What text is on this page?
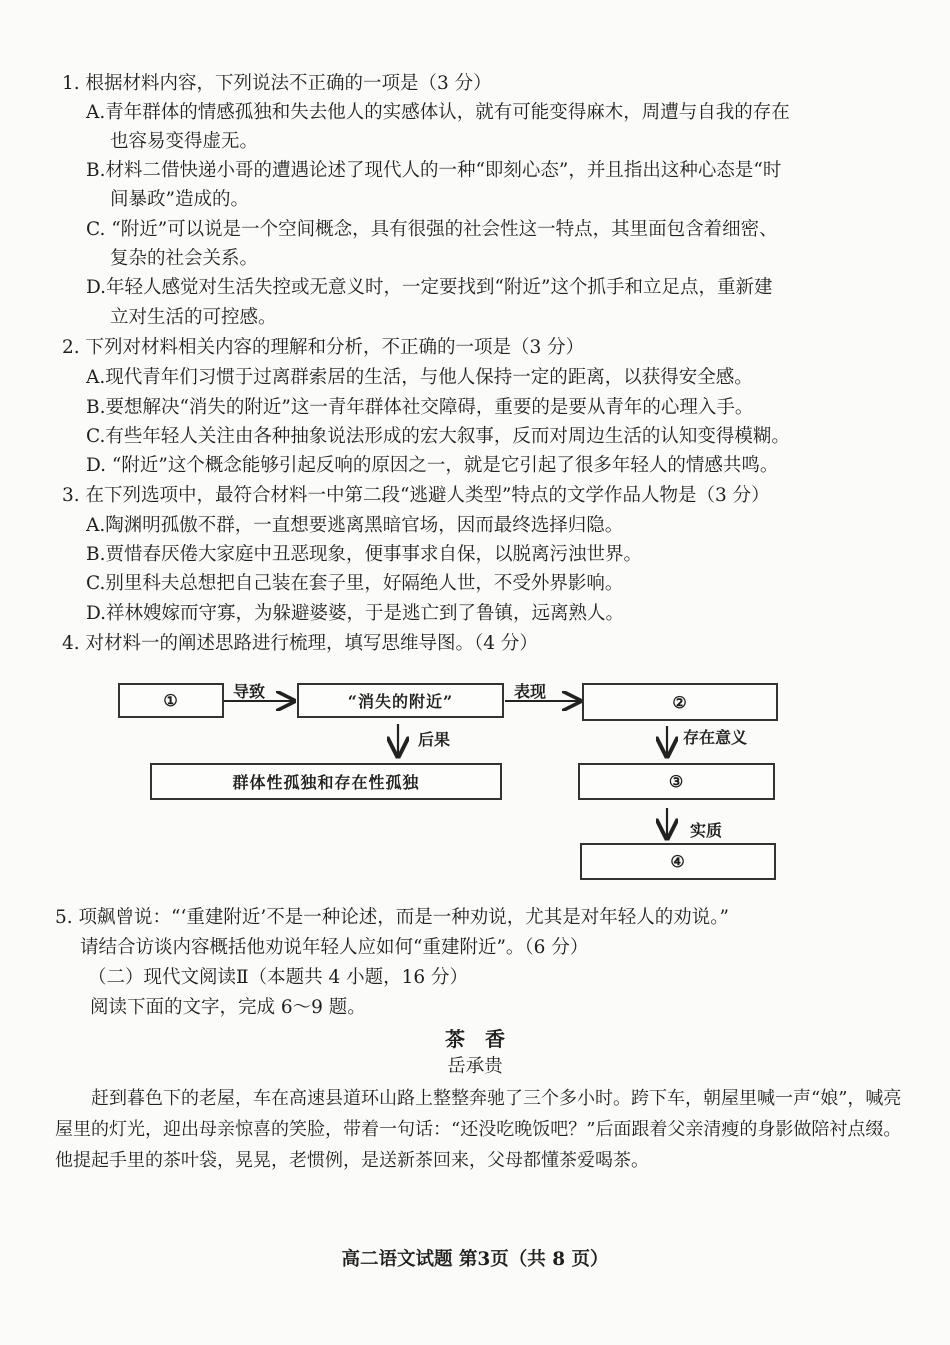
1. 根据材料内容，下列说法不正确的一项是（3 分）
A.青年群体的情感孤独和失去他人的实感体认，就有可能变得麻木，周遭与自我的存在
也容易变得虚无。
B.材料二借快递小哥的遭遇论述了现代人的一种“即刻心态”，并且指出这种心态是“时
间暴政”造成的。
C. “附近”可以说是一个空间概念，具有很强的社会性这一特点，其里面包含着细密、
复杂的社会关系。
D.年轻人感觉对生活失控或无意义时，一定要找到“附近”这个抓手和立足点，重新建
立对生活的可控感。
2. 下列对材料相关内容的理解和分析，不正确的一项是（3 分）
A.现代青年们习惯于过离群索居的生活，与他人保持一定的距离，以获得安全感。
B.要想解决“消失的附近”这一青年群体社交障碍，重要的是要从青年的心理入手。
C.有些年轻人关注由各种抽象说法形成的宏大叙事，反而对周边生活的认知变得模糊。
D. “附近”这个概念能够引起反响的原因之一，就是它引起了很多年轻人的情感共鸣。
3. 在下列选项中，最符合材料一中第二段“逃避人类型”特点的文学作品人物是（3 分）
A.陶渊明孤傲不群，一直想要逃离黑暗官场，因而最终选择归隐。
B.贾惜春厌倦大家庭中丑恶现象，便事事求自保，以脱离污浊世界。
C.别里科夫总想把自己装在套子里，好隔绝人世，不受外界影响。
D.祥林嫂嫁而守寡，为躲避婆婆，于是逃亡到了鲁镇，远离熟人。
4. 对材料一的阐述思路进行梳理，填写思维导图。（4 分）
①	“消失的附近”	②
群体性孤独和存在性孤独	③
④
导致	表现
后果	存在意义
实质
5. 项飙曾说：“‘重建附近’不是一种论述，而是一种劝说，尤其是对年轻人的劝说。”
请结合访谈内容概括他劝说年轻人应如何“重建附近”。（6 分）
（二）现代文阅读Ⅱ（本题共 4 小题，16 分）
阅读下面的文字，完成 6～9 题。
茶　香
岳承贵

赶到暮色下的老屋，车在高速县道环山路上整整奔驰了三个多小时。跨下车，朝屋里喊一声“娘”，喊亮屋里的灯光，迎出母亲惊喜的笑脸，带着一句话：“还没吃晚饭吧？”后面跟着父亲清瘦的身影做陪衬点缀。他提起手里的茶叶袋，晃晃，老惯例，是送新茶回来，父母都懂茶爱喝茶。

高二语文试题 第3页（共 8 页）
